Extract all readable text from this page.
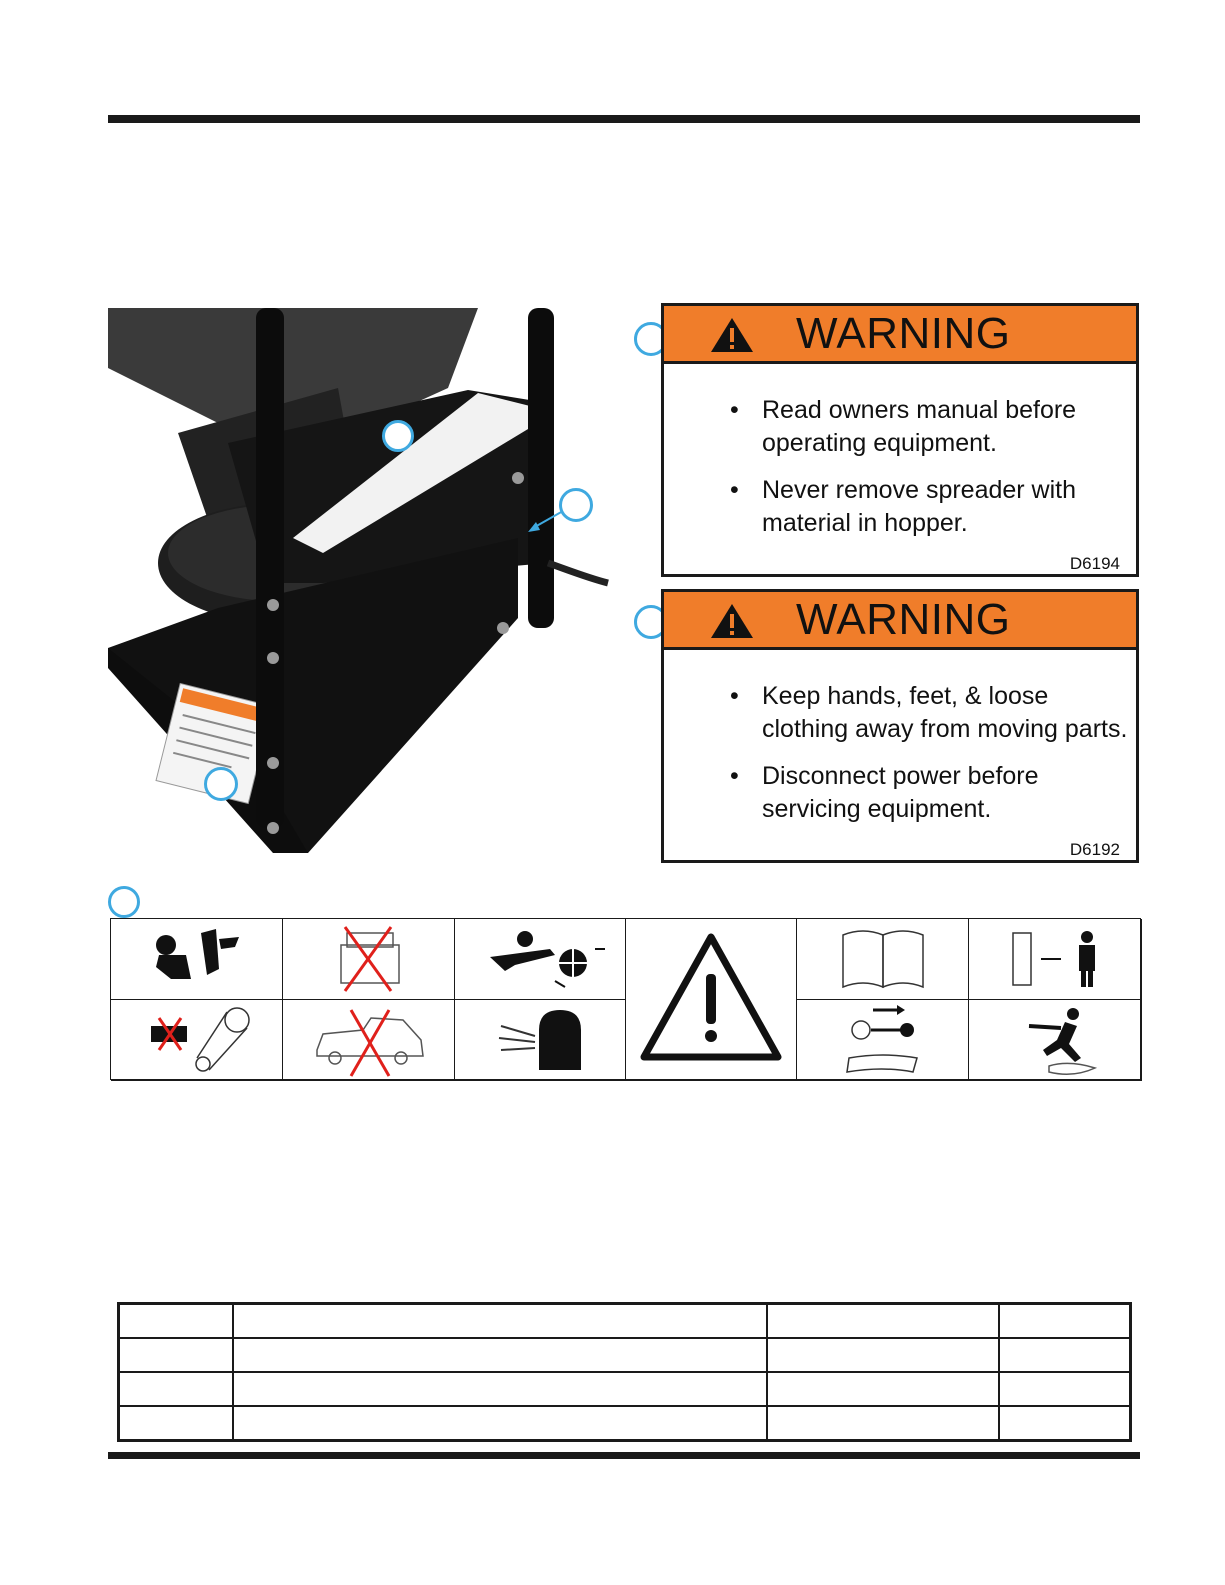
WARNING
• Read owners manual before operating equipment.
• Never remove spreader with material in hopper.
D6194
WARNING
• Keep hands, feet, & loose clothing away from moving parts.
• Disconnect power before servicing equipment.
D6192
